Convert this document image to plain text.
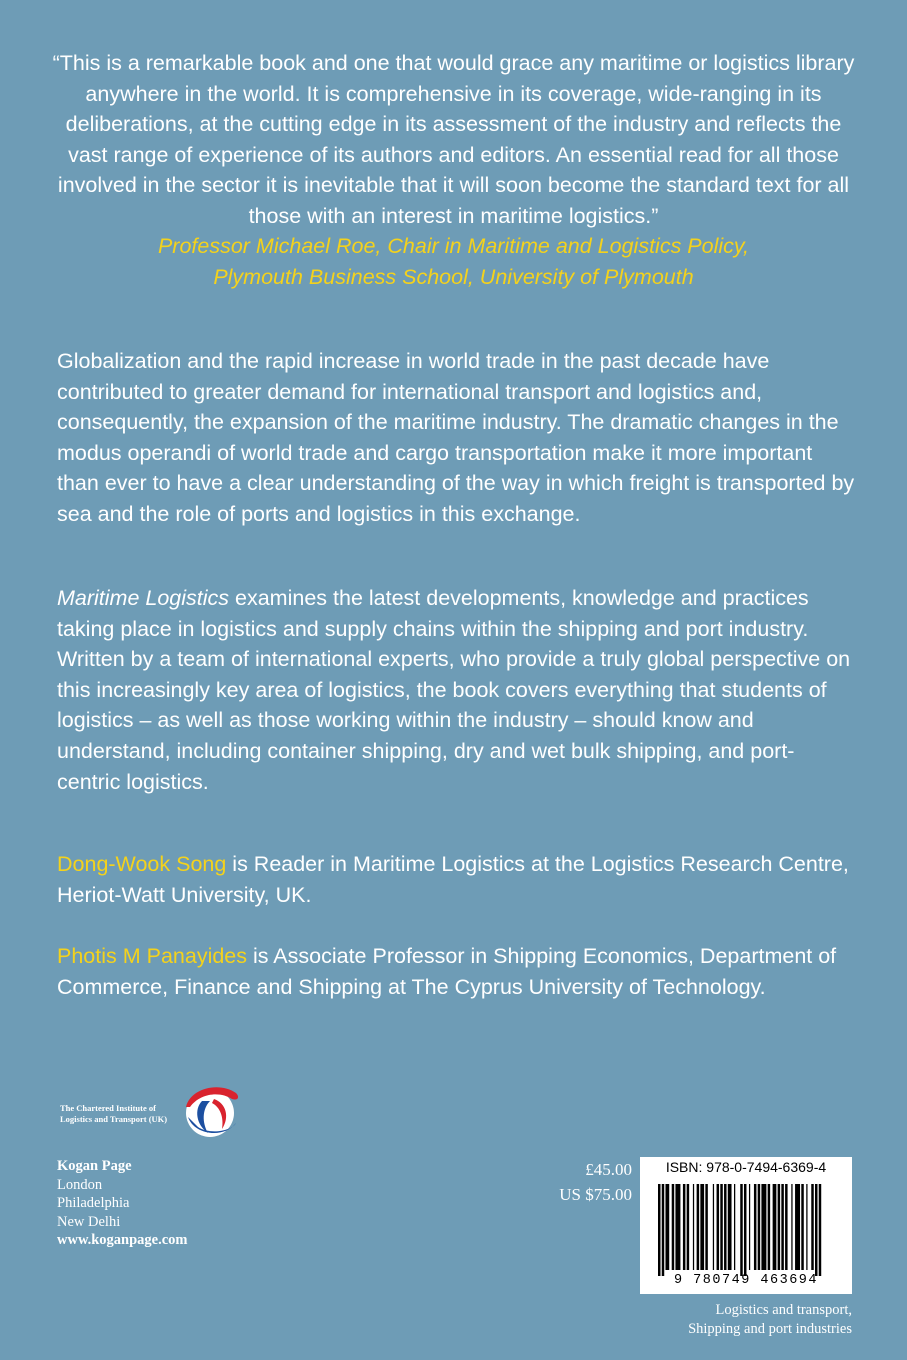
“This is a remarkable book and one that would grace any maritime or logistics library anywhere in the world. It is comprehensive in its coverage, wide-ranging in its deliberations, at the cutting edge in its assessment of the industry and reflects the vast range of experience of its authors and editors. An essential read for all those involved in the sector it is inevitable that it will soon become the standard text for all those with an interest in maritime logistics.”

Professor Michael Roe, Chair in Maritime and Logistics Policy,

Plymouth Business School, University of Plymouth

Globalization and the rapid increase in world trade in the past decade have contributed to greater demand for international transport and logistics and, consequently, the expansion of the maritime industry. The dramatic changes in the modus operandi of world trade and cargo transportation make it more important than ever to have a clear understanding of the way in which freight is transported by sea and the role of ports and logistics in this exchange.

Maritime Logistics examines the latest developments, knowledge and practices taking place in logistics and supply chains within the shipping and port industry. Written by a team of international experts, who provide a truly global perspective on this increasingly key area of logistics, the book covers everything that students of logistics – as well as those working within the industry – should know and understand, including container shipping, dry and wet bulk shipping, and port-centric logistics.

Dong-Wook Song is Reader in Maritime Logistics at the Logistics Research Centre, Heriot-Watt University, UK.

Photis M Panayides is Associate Professor in Shipping Economics, Department of Commerce, Finance and Shipping at The Cyprus University of Technology.

The Chartered Institute of
Logistics and Transport (UK)
Kogan Page
London
Philadelphia
New Delhi
www.koganpage.com
£45.00
US $75.00
ISBN: 978-0-7494-6369-4
9 780749 463694
Logistics and transport,
Shipping and port industries
